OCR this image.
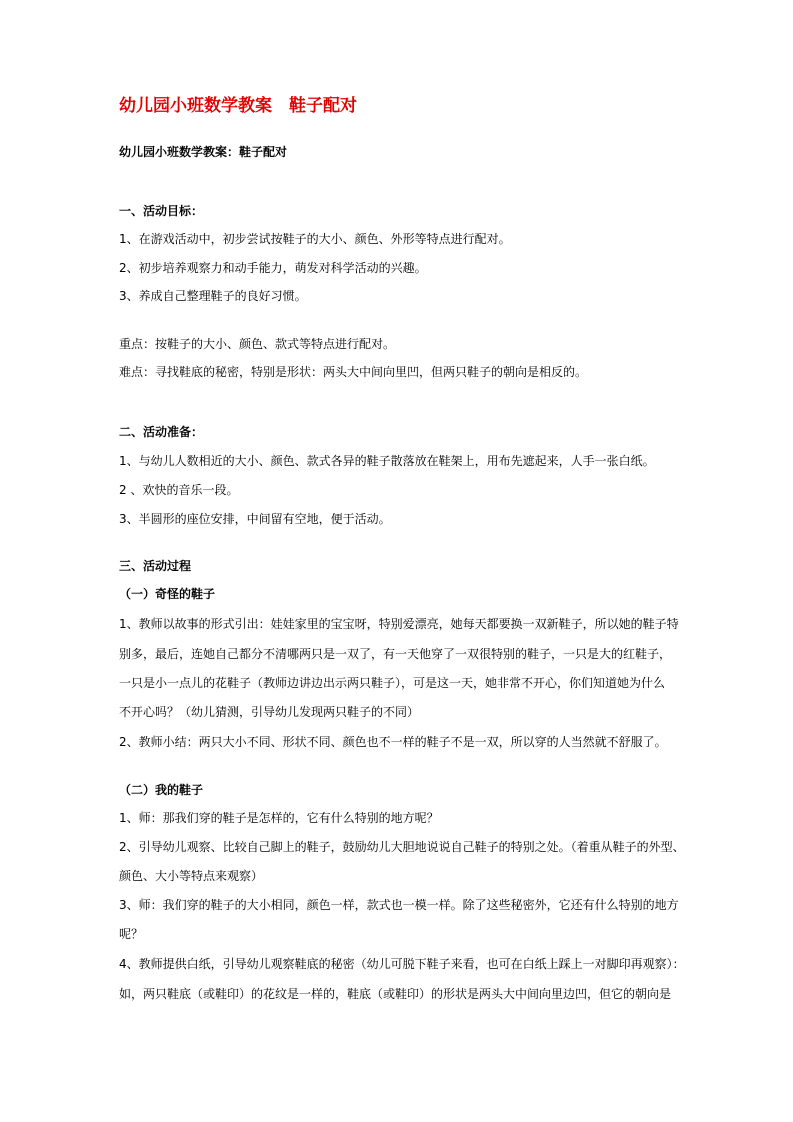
幼儿园小班数学教案　鞋子配对
幼儿园小班数学教案：鞋子配对
一、活动目标：
1、在游戏活动中，初步尝试按鞋子的大小、颜色、外形等特点进行配对。
2、初步培养观察力和动手能力，萌发对科学活动的兴趣。
3、养成自己整理鞋子的良好习惯。
重点：按鞋子的大小、颜色、款式等特点进行配对。
难点：寻找鞋底的秘密，特别是形状：两头大中间向里凹，但两只鞋子的朝向是相反的。
二、活动准备：
1、与幼儿人数相近的大小、颜色、款式各异的鞋子散落放在鞋架上，用布先遮起来，人手一张白纸。
2 、欢快的音乐一段。
3、半圆形的座位安排，中间留有空地，便于活动。
三、活动过程
（一）奇怪的鞋子
1、教师以故事的形式引出：娃娃家里的宝宝呀，特别爱漂亮，她每天都要换一双新鞋子，所以她的鞋子特
别多，最后，连她自己都分不清哪两只是一双了，有一天他穿了一双很特别的鞋子，一只是大的红鞋子，
一只是小一点儿的花鞋子（教师边讲边出示两只鞋子），可是这一天，她非常不开心，你们知道她为什么
不开心吗？（幼儿猜测，引导幼儿发现两只鞋子的不同）
2、教师小结：两只大小不同、形状不同、颜色也不一样的鞋子不是一双，所以穿的人当然就不舒服了。
（二）我的鞋子
1、师：那我们穿的鞋子是怎样的，它有什么特别的地方呢？
2、引导幼儿观察、比较自己脚上的鞋子，鼓励幼儿大胆地说说自己鞋子的特别之处。（着重从鞋子的外型、
颜色、大小等特点来观察）
3、师：我们穿的鞋子的大小相同，颜色一样，款式也一模一样。除了这些秘密外，它还有什么特别的地方
呢？
4、教师提供白纸，引导幼儿观察鞋底的秘密（幼儿可脱下鞋子来看，也可在白纸上踩上一对脚印再观察）：
如，两只鞋底（或鞋印）的花纹是一样的，鞋底（或鞋印）的形状是两头大中间向里边凹，但它的朝向是
